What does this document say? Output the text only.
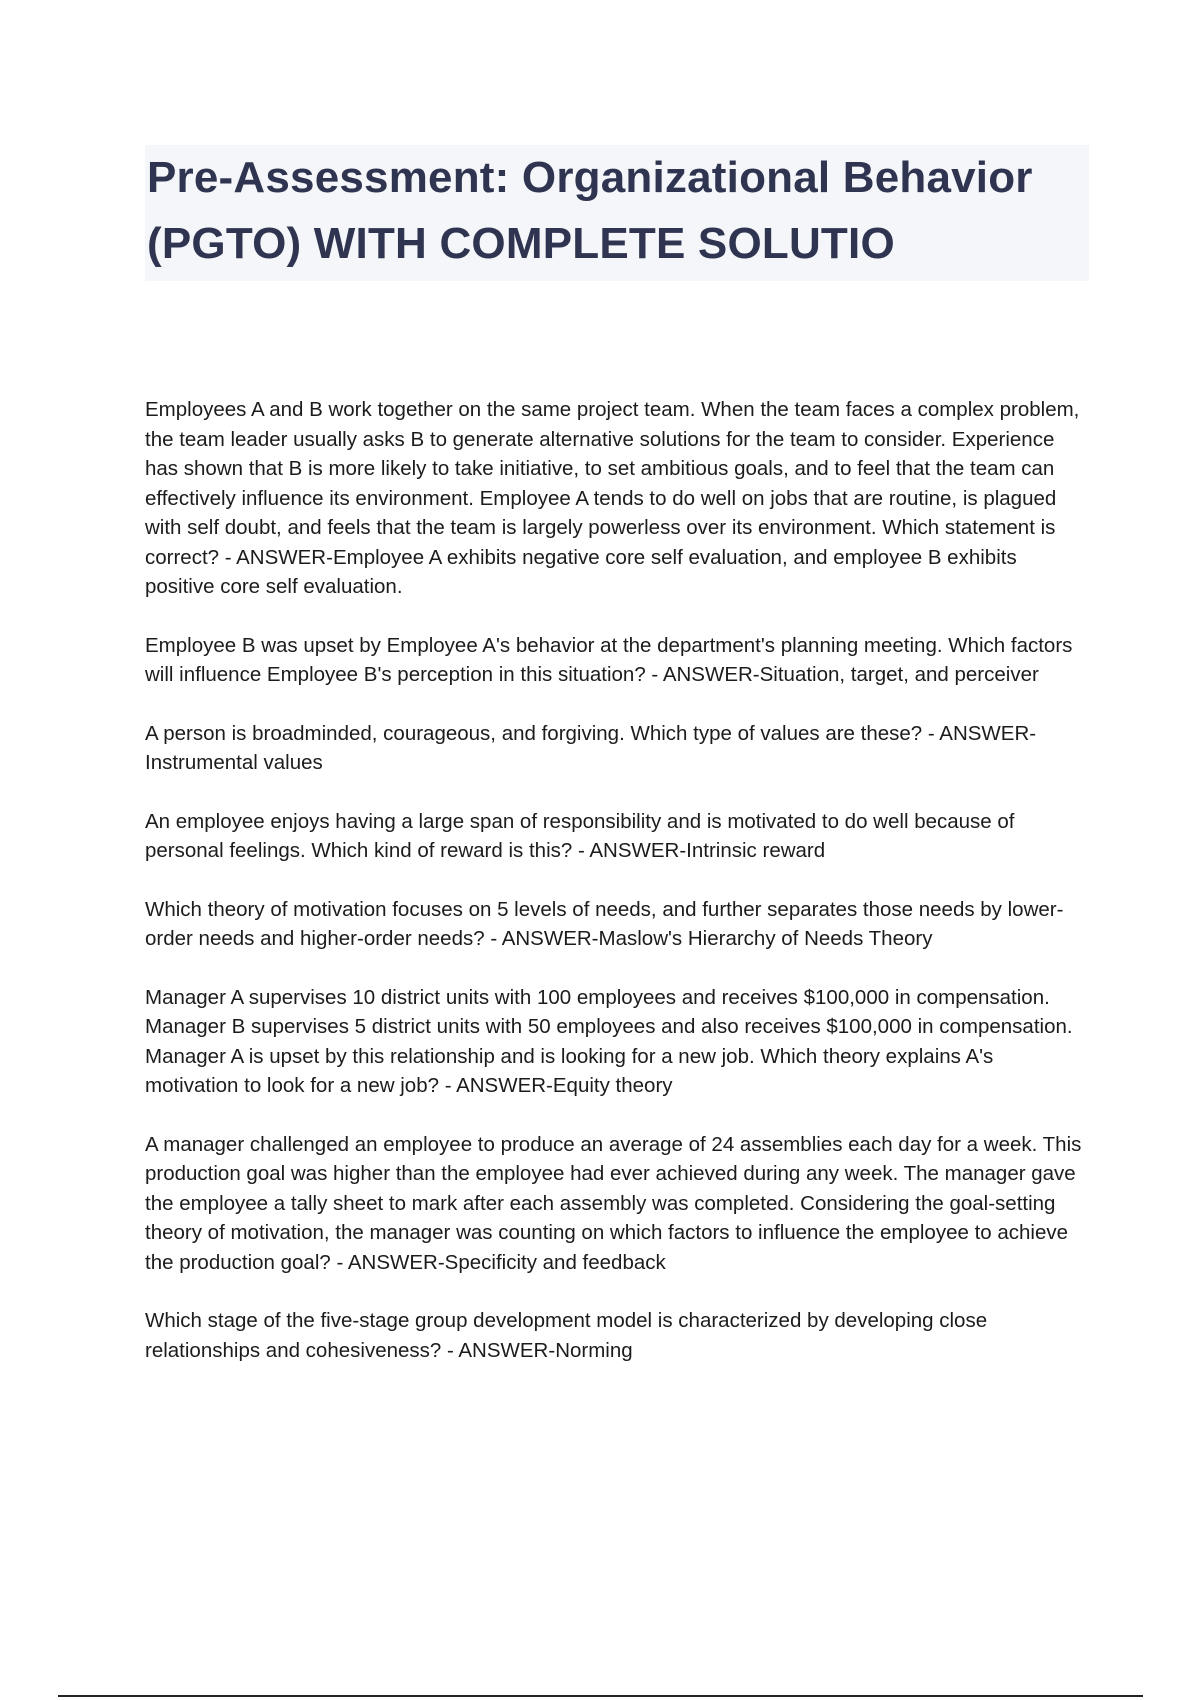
Pre-Assessment: Organizational Behavior (PGTO) WITH COMPLETE SOLUTIO

Employees A and B work together on the same project team. When the team faces a complex problem, the team leader usually asks B to generate alternative solutions for the team to consider. Experience has shown that B is more likely to take initiative, to set ambitious goals, and to feel that the team can effectively influence its environment. Employee A tends to do well on jobs that are routine, is plagued with self doubt, and feels that the team is largely powerless over its environment. Which statement is correct? - ANSWER-Employee A exhibits negative core self evaluation, and employee B exhibits positive core self evaluation.

Employee B was upset by Employee A's behavior at the department's planning meeting. Which factors will influence Employee B's perception in this situation? - ANSWER-Situation, target, and perceiver

A person is broadminded, courageous, and forgiving. Which type of values are these? - ANSWER-Instrumental values

An employee enjoys having a large span of responsibility and is motivated to do well because of personal feelings. Which kind of reward is this? - ANSWER-Intrinsic reward

Which theory of motivation focuses on 5 levels of needs, and further separates those needs by lower-order needs and higher-order needs? - ANSWER-Maslow's Hierarchy of Needs Theory

Manager A supervises 10 district units with 100 employees and receives $100,000 in compensation. Manager B supervises 5 district units with 50 employees and also receives $100,000 in compensation. Manager A is upset by this relationship and is looking for a new job. Which theory explains A's motivation to look for a new job? - ANSWER-Equity theory

A manager challenged an employee to produce an average of 24 assemblies each day for a week. This production goal was higher than the employee had ever achieved during any week. The manager gave the employee a tally sheet to mark after each assembly was completed. Considering the goal-setting theory of motivation, the manager was counting on which factors to influence the employee to achieve the production goal? - ANSWER-Specificity and feedback

Which stage of the five-stage group development model is characterized by developing close relationships and cohesiveness? - ANSWER-Norming
